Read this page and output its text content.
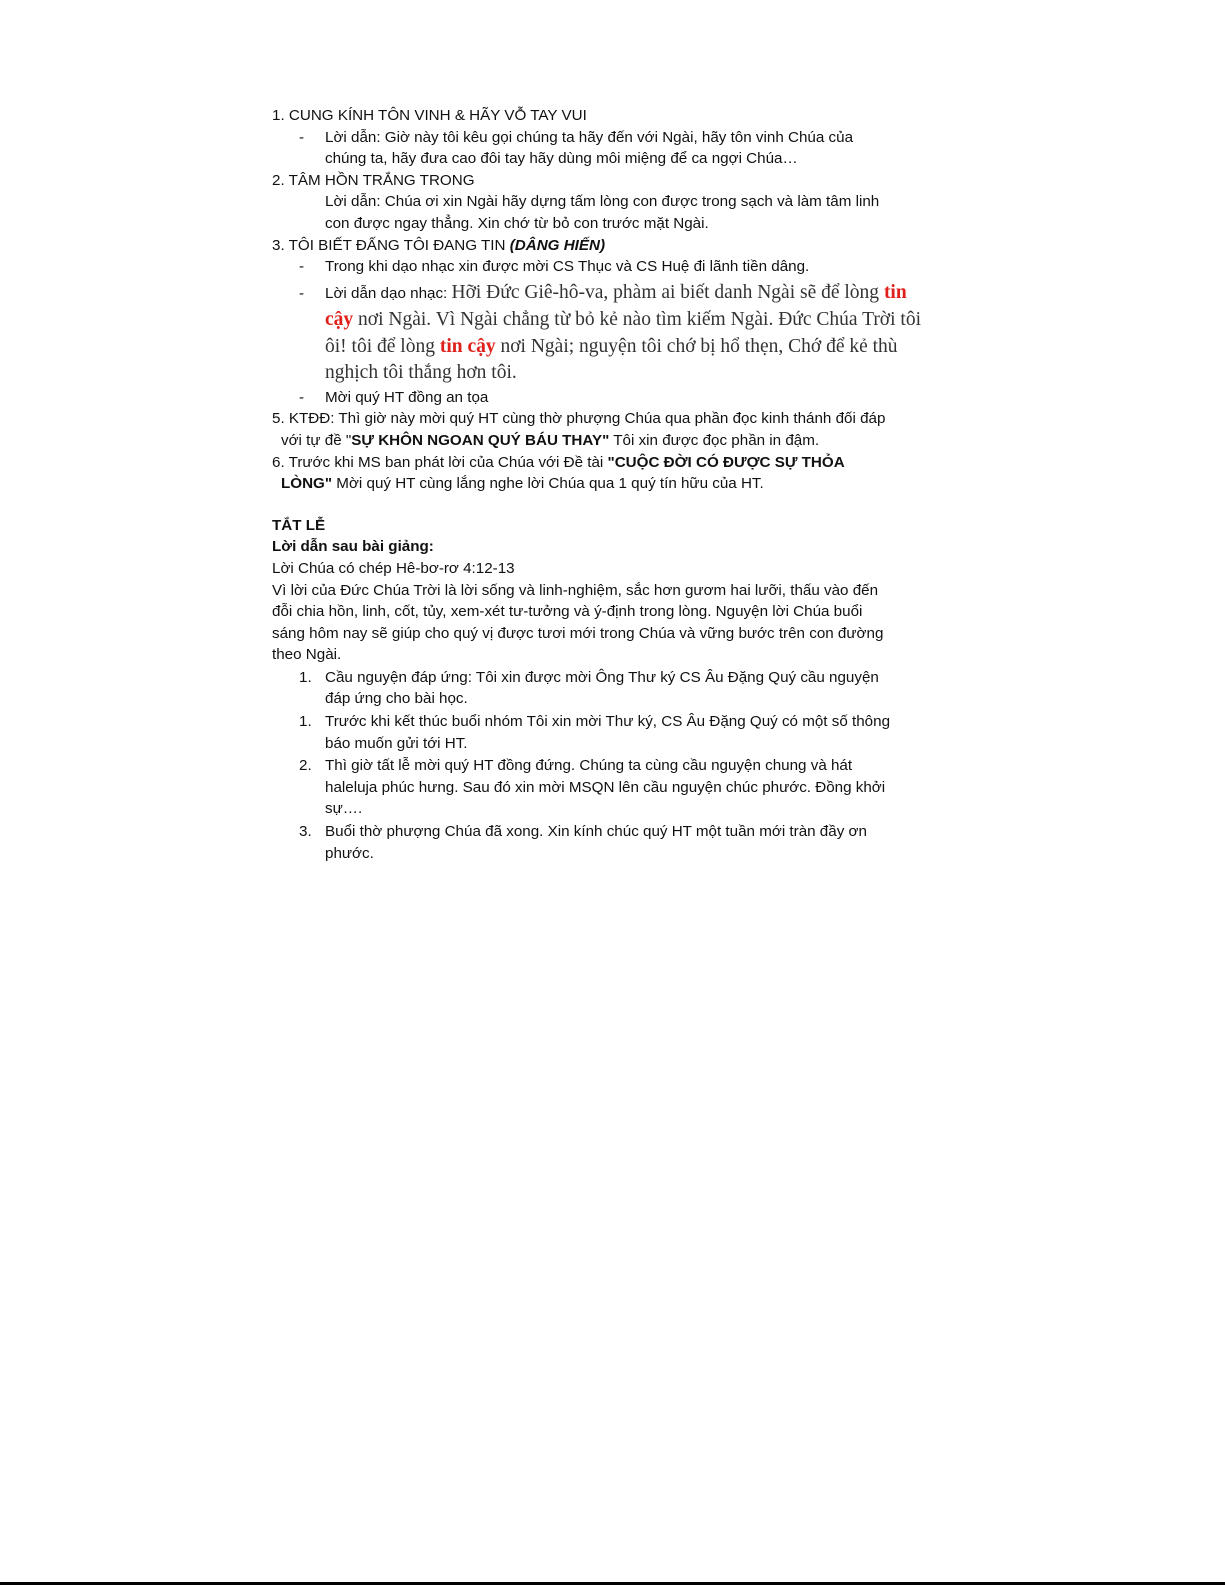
1. CUNG KÍNH TÔN VINH & HÃY VỖ TAY VUI
- Lời dẫn: Giờ này tôi kêu gọi chúng ta hãy đến với Ngài, hãy tôn vinh Chúa của
chúng ta, hãy đưa cao đôi tay hãy dùng môi miệng để ca ngợi Chúa…
2. TÂM HỒN TRẮNG TRONG
Lời dẫn: Chúa ơi xin Ngài hãy dựng tấm lòng con được trong sạch và làm tâm linh
con được ngay thẳng. Xin chớ từ bỏ con trước mặt Ngài.
3. TÔI BIẾT ĐẤNG TÔI ĐANG TIN (DÂNG HIẾN)
- Trong khi dạo nhạc xin được mời CS Thục và CS Huệ đi lãnh tiền dâng.
- Lời dẫn dạo nhạc: Hỡi Đức Giê-hô-va, phàm ai biết danh Ngài sẽ để lòng tin
cậy nơi Ngài. Vì Ngài chẳng từ bỏ kẻ nào tìm kiếm Ngài. Đức Chúa Trời tôi
ôi! tôi để lòng tin cậy nơi Ngài; nguyện tôi chớ bị hổ thẹn, Chớ để kẻ thù
nghịch tôi thắng hơn tôi.
- Mời quý HT đồng an tọa
5. KTĐĐ: Thì giờ này mời quý HT cùng thờ phượng Chúa qua phần đọc kinh thánh đối đáp
với tự đề "SỰ KHÔN NGOAN QUÝ BÁU THAY" Tôi xin được đọc phần in đậm.
6. Trước khi MS ban phát lời của Chúa với Đề tài "CUỘC ĐỜI CÓ ĐƯỢC SỰ THỎA
LÒNG" Mời quý HT cùng lắng nghe lời Chúa qua 1 quý tín hữu của HT.
TẮT LỄ
Lời dẫn sau bài giảng:
Lời Chúa có chép Hê-bơ-rơ 4:12-13
Vì lời của Đức Chúa Trời là lời sống và linh-nghiệm, sắc hơn gươm hai lưỡi, thấu vào đến
đỗi chia hồn, linh, cốt, tủy, xem-xét tư-tưởng và ý-định trong lòng. Nguyện lời Chúa buổi
sáng hôm nay sẽ giúp cho quý vị được tươi mới trong Chúa và vững bước trên con đường
theo Ngài.
1. Cầu nguyện đáp ứng: Tôi xin được mời Ông Thư ký CS Âu Đặng Quý cầu nguyện
đáp ứng cho bài học.
1. Trước khi kết thúc buổi nhóm Tôi xin mời Thư ký, CS Âu Đặng Quý có một số thông
báo muốn gửi tới HT.
2. Thì giờ tất lễ mời quý HT đồng đứng. Chúng ta cùng cầu nguyện chung và hát
haleluja phúc hưng. Sau đó xin mời MSQN lên cầu nguyện chúc phước. Đồng khởi
sự….
3. Buổi thờ phượng Chúa đã xong. Xin kính chúc quý HT một tuần mới tràn đầy ơn
phước.
